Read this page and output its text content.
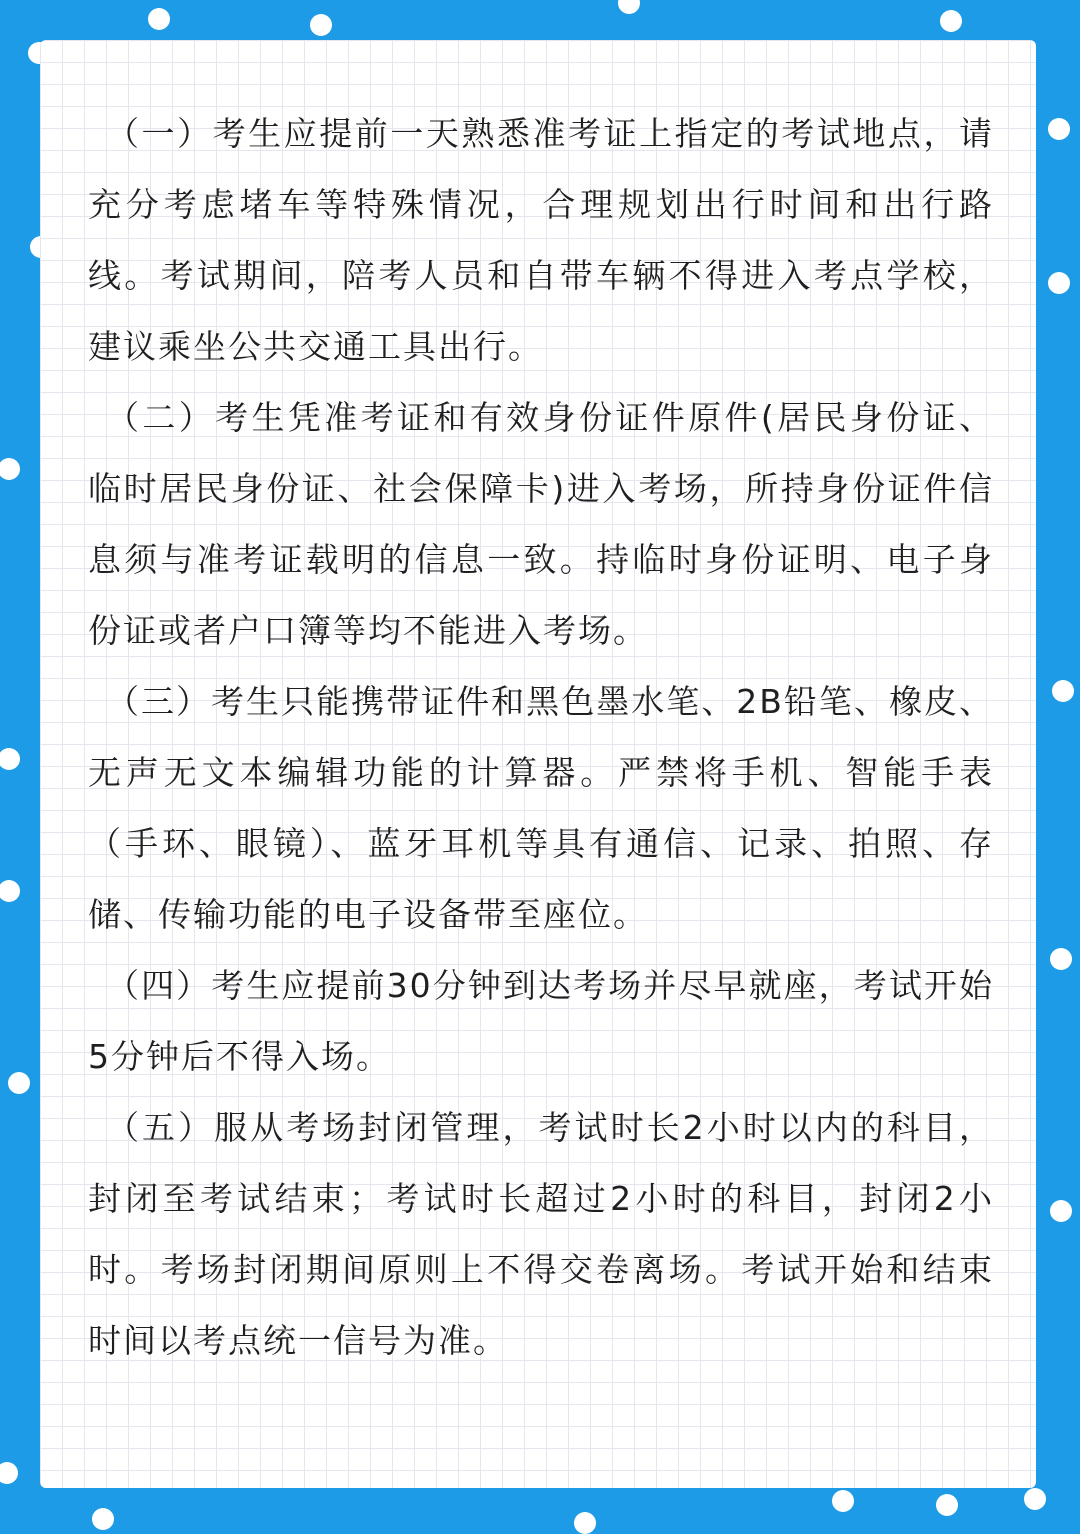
（一）考生应提前一天熟悉准考证上指定的考试地点，请充分考虑堵车等特殊情况，合理规划出行时间和出行路线。考试期间，陪考人员和自带车辆不得进入考点学校，建议乘坐公共交通工具出行。

（二）考生凭准考证和有效身份证件原件(居民身份证、临时居民身份证、社会保障卡)进入考场，所持身份证件信息须与准考证载明的信息一致。持临时身份证明、电子身份证或者户口簿等均不能进入考场。

（三）考生只能携带证件和黑色墨水笔、2B铅笔、橡皮、无声无文本编辑功能的计算器。严禁将手机、智能手表（手环、眼镜）、蓝牙耳机等具有通信、记录、拍照、存储、传输功能的电子设备带至座位。

（四）考生应提前30分钟到达考场并尽早就座，考试开始5分钟后不得入场。

（五）服从考场封闭管理，考试时长2小时以内的科目，封闭至考试结束；考试时长超过2小时的科目，封闭2小时。考场封闭期间原则上不得交卷离场。考试开始和结束时间以考点统一信号为准。
